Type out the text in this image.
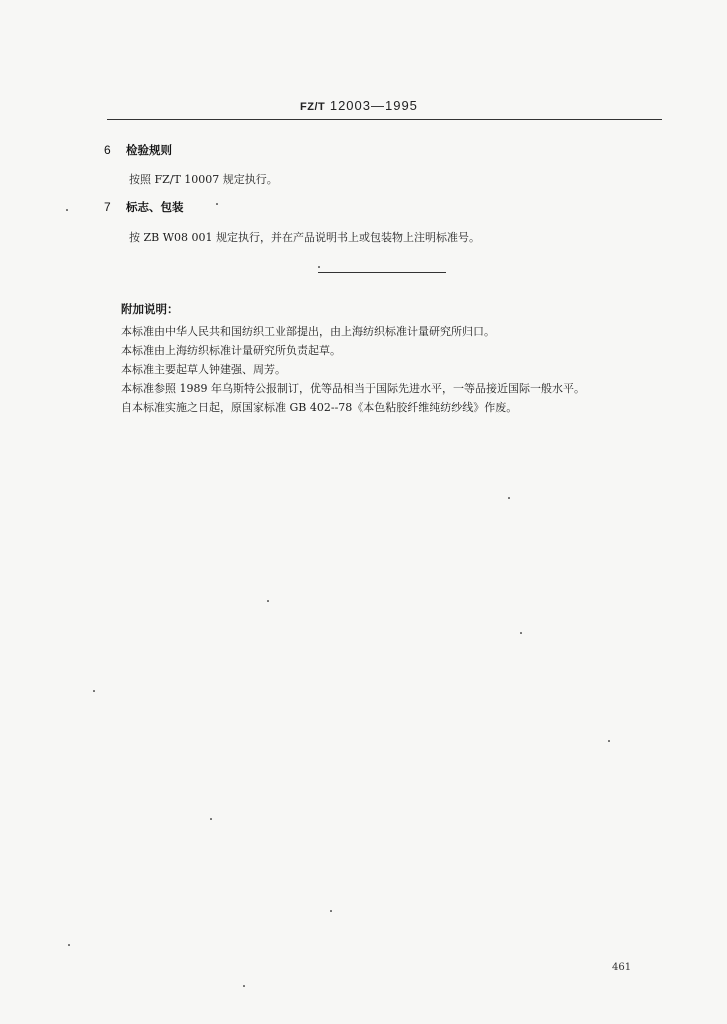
FZ/T 12003—1995
6 检验规则
按照 FZ/T 10007 规定执行。
7 标志、包装
按 ZB W08 001 规定执行，并在产品说明书上或包装物上注明标准号。
附加说明：
本标准由中华人民共和国纺织工业部提出，由上海纺织标准计量研究所归口。
本标准由上海纺织标准计量研究所负责起草。
本标准主要起草人钟建强、周芳。
本标准参照 1989 年乌斯特公报制订，优等品相当于国际先进水平，一等品接近国际一般水平。
自本标准实施之日起，原国家标准 GB 402--78《本色粘胶纤维纯纺纱线》作废。
461
